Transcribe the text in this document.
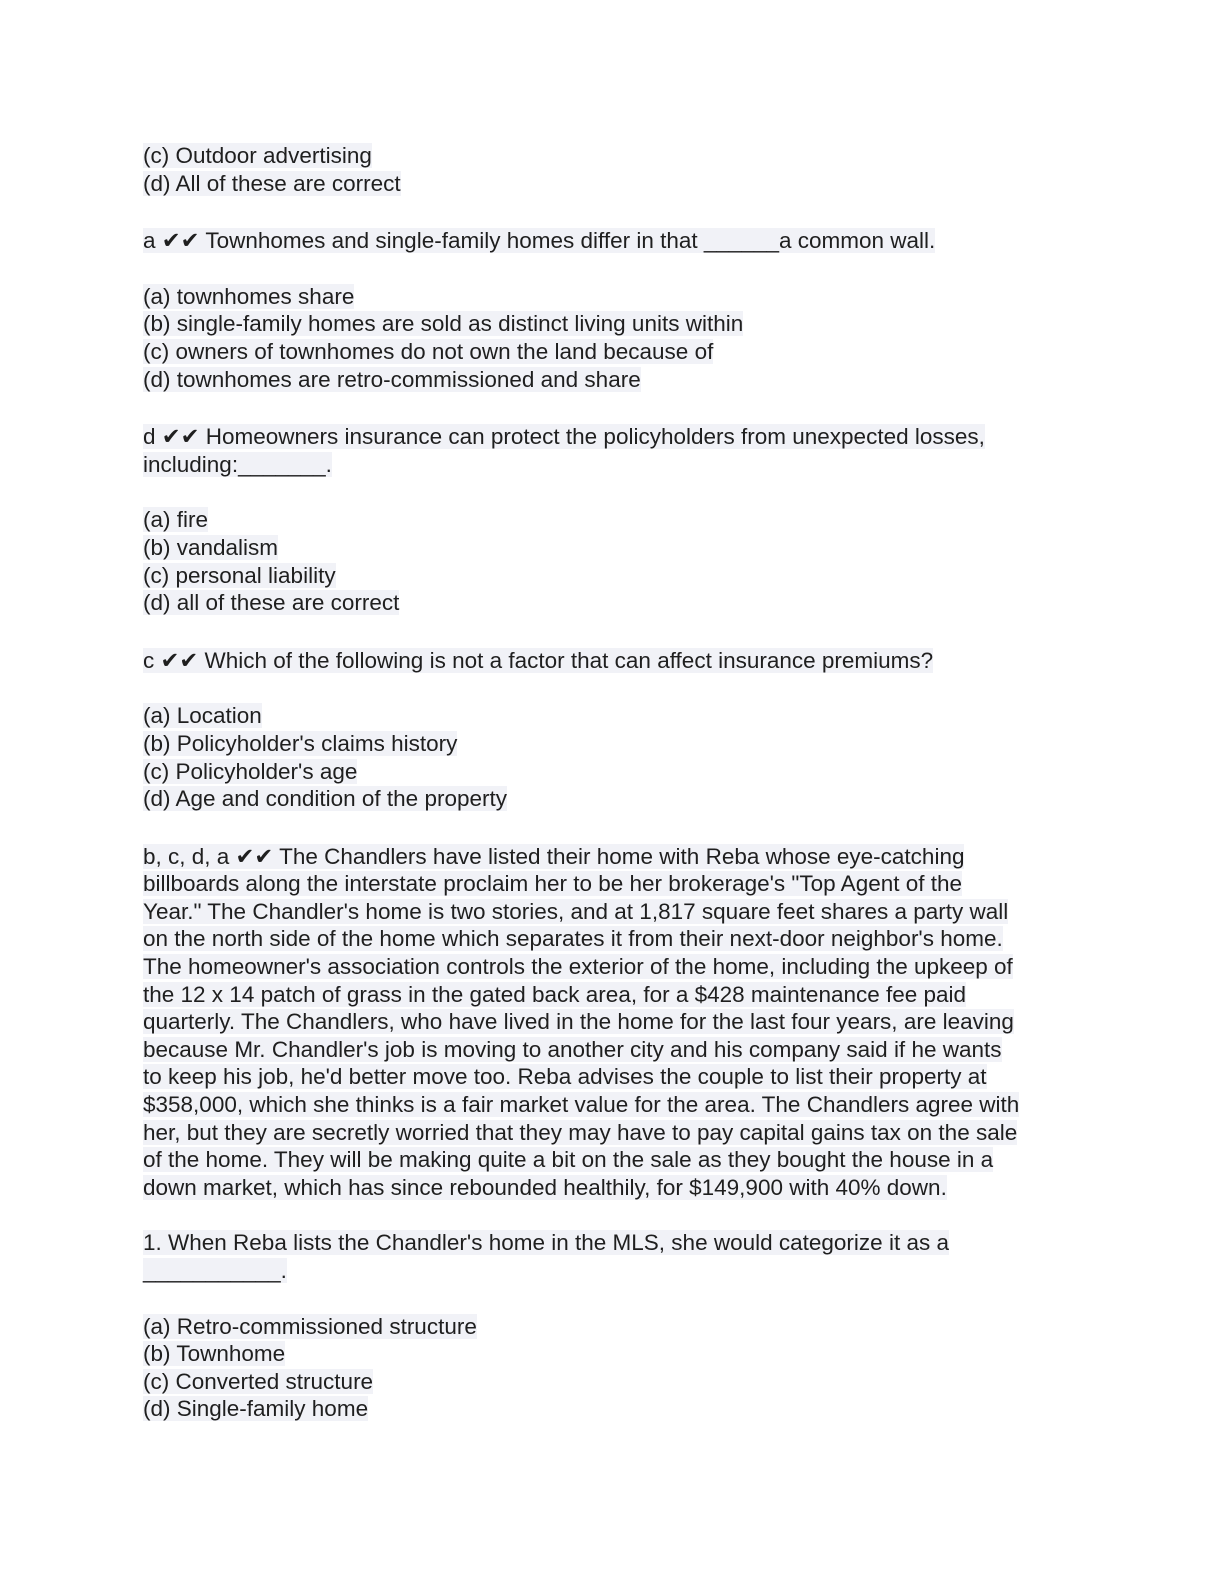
(c) Outdoor advertising
(d) All of these are correct
a ✔✔ Townhomes and single-family homes differ in that ______a common wall.
(a) townhomes share
(b) single-family homes are sold as distinct living units within
(c) owners of townhomes do not own the land because of
(d) townhomes are retro-commissioned and share
d ✔✔ Homeowners insurance can protect the policyholders from unexpected losses,
including:_______.
(a) fire
(b) vandalism
(c) personal liability
(d) all of these are correct
c ✔✔ Which of the following is not a factor that can affect insurance premiums?
(a) Location
(b) Policyholder's claims history
(c) Policyholder's age
(d) Age and condition of the property
b, c, d, a ✔✔ The Chandlers have listed their home with Reba whose eye-catching
billboards along the interstate proclaim her to be her brokerage's "Top Agent of the
Year." The Chandler's home is two stories, and at 1,817 square feet shares a party wall
on the north side of the home which separates it from their next-door neighbor's home.
The homeowner's association controls the exterior of the home, including the upkeep of
the 12 x 14 patch of grass in the gated back area, for a $428 maintenance fee paid
quarterly. The Chandlers, who have lived in the home for the last four years, are leaving
because Mr. Chandler's job is moving to another city and his company said if he wants
to keep his job, he'd better move too. Reba advises the couple to list their property at
$358,000, which she thinks is a fair market value for the area. The Chandlers agree with
her, but they are secretly worried that they may have to pay capital gains tax on the sale
of the home. They will be making quite a bit on the sale as they bought the house in a
down market, which has since rebounded healthily, for $149,900 with 40% down.
1. When Reba lists the Chandler's home in the MLS, she would categorize it as a
___________.
(a) Retro-commissioned structure
(b) Townhome
(c) Converted structure
(d) Single-family home
